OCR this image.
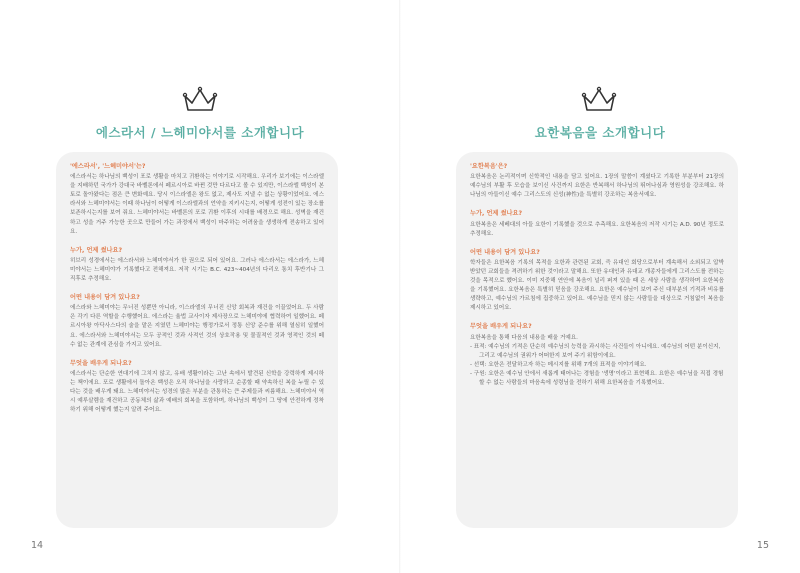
에스라서 / 느헤미야서를 소개합니다
'에스라서', '느헤미야서'는?

에스라서는 하나님의 백성이 포로 생활을 마치고 귀환하는 이야기로 시작해요. 우리가 보기에는 이스라엘을 지배하던 국가가 강대국 바벨론에서 페르시아로 바뀐 것만 다르다고 볼 수 있지만, 이스라엘 백성이 본토로 돌아왔다는 점은 큰 변화예요. 당시 이스라엘은 왕도 없고, 제사도 지낼 수 없는 상황이었어요. 에스라서와 느헤미야서는 이때 하나님이 어떻게 이스라엘과의 언약을 지키시는지, 어떻게 성전이 있는 장소를 보존하시는지를 보여 줘요. 느헤미야서는 바벨론의 포로 귀환 이후의 시대를 배경으로 해요. 성벽을 재건하고 성을 거주 가능한 곳으로 만들어 가는 과정에서 백성이 마주하는 어려움을 생생하게 전송하고 있어요.

누가, 언제 썼나요?

히브리 성경에서는 에스라서와 느헤미야서가 한 권으로 되어 있어요. 그러나 에스라서는 에스라가, 느헤미야서는 느헤미야가 기록했다고 전해져요. 저작 시기는 B.C. 423~404년의 다리오 통치 후반기나 그 직후로 추정해요.

어떤 내용이 담겨 있나요?

에스라와 느헤미야는 무너진 성뿐만 아니라, 이스라엘의 무너진 신앙 회복과 재건을 이끌었어요. 두 사람은 각기 다른 역할을 수행했어요. 에스라는 율법 교사이자 제사장으로 느헤미야에 협력하여 일했어요. 페르시아왕 아닥사스다의 술을 맡은 지였던 느헤미야는 행정가로서 정통 신앙 준수를 위해 열심히 일했어요. 에스라서와 느헤미야서는 모두 공적인 것과 사적인 것의 상호작용 및 물질적인 것과 영적인 것의 떼 수 없는 관계에 관심을 가지고 있어요.

무엇을 배우게 되나요?

에스라서는 단순한 연대기에 그치지 않고, 유배 생활이라는 고난 속에서 발견된 신학을 강력하게 제시하는 책이에요. 포로 생활에서 돌아온 백성은 오직 하나님을 사랑하고 순종할 때 약속하신 복을 누릴 수 있다는 것을 배우게 돼요. 느헤미야서는 성경의 많은 부분을 관통하는 큰 주제들과 씨름해요. 느헤미야서 역시 예루살렘을 재건하고 공동체의 삶과 예배의 회복을 포함하며, 하나님의 백성이 그 땅에 안전하게 정착하기 위해 어떻게 했는지 알려 주어요.

14
요한복음을 소개합니다
'요한복음'은?

요한복음은 논리적이며 신학적인 내용을 담고 있어요. 1장의 말씀이 계셨다고 기록한 부분부터 21장의 예수님의 부활 후 모습을 보이신 사건까지 요한은 반복해서 하나님의 뛰어나심과 영원성을 강조해요. 하나님의 아들이신 예수 그리스도의 신성(神性)을 특별히 강조하는 복음서예요.

누가, 언제 썼나요?

요한복음은 세베대의 아들 요한이 기록했을 것으로 추측해요. 요한복음의 저작 시기는 A.D. 90년 정도로 추정해요.

어떤 내용이 담겨 있나요?

학자들은 요한복음 기록의 목적을 요한과 관련된 교회, 즉 유대인 회당으로부터 계속해서 소외되고 압박받았던 교회들을 격려하기 위한 것이라고 말해요. 또한 유대인과 유대교 개종자들에게 그리스도를 전하는 것을 목적으로 했어요. 이미 지중해 연안에 복음이 널리 퍼져 있을 때 온 세상 사람을 생각하며 요한복음을 기록했어요. 요한복음은 특별히 믿음을 강조해요. 요한은 예수님이 보여 주신 대부분의 기적과 비유를 생략하고, 예수님의 가르침에 집중하고 있어요. 예수님을 믿지 않는 사람들을 대상으로 거침없이 복음을 제시하고 있어요.

무엇을 배우게 되나요?

요한복음을 통해 다음의 내용을 배울 거예요.

- 표적: 예수님의 기적은 단순히 예수님의 능력을 과시하는 사건들이 아니에요. 예수님의 어떤 분이신지, 그리고 예수님의 권위가 어떠한지 보여 주기 위함이에요.
- 선택: 요한은 전달하고자 하는 메시지를 위해 7개의 표적을 이야기해요.
- 구원: 요한은 예수님 안에서 새롭게 태어나는 경험을 '생명'이라고 표현해요. 요한은 예수님을 직접 경험할 수 없는 사람들의 마음속에 성령님을 전하기 위해 요한복음을 기록했어요.
15
